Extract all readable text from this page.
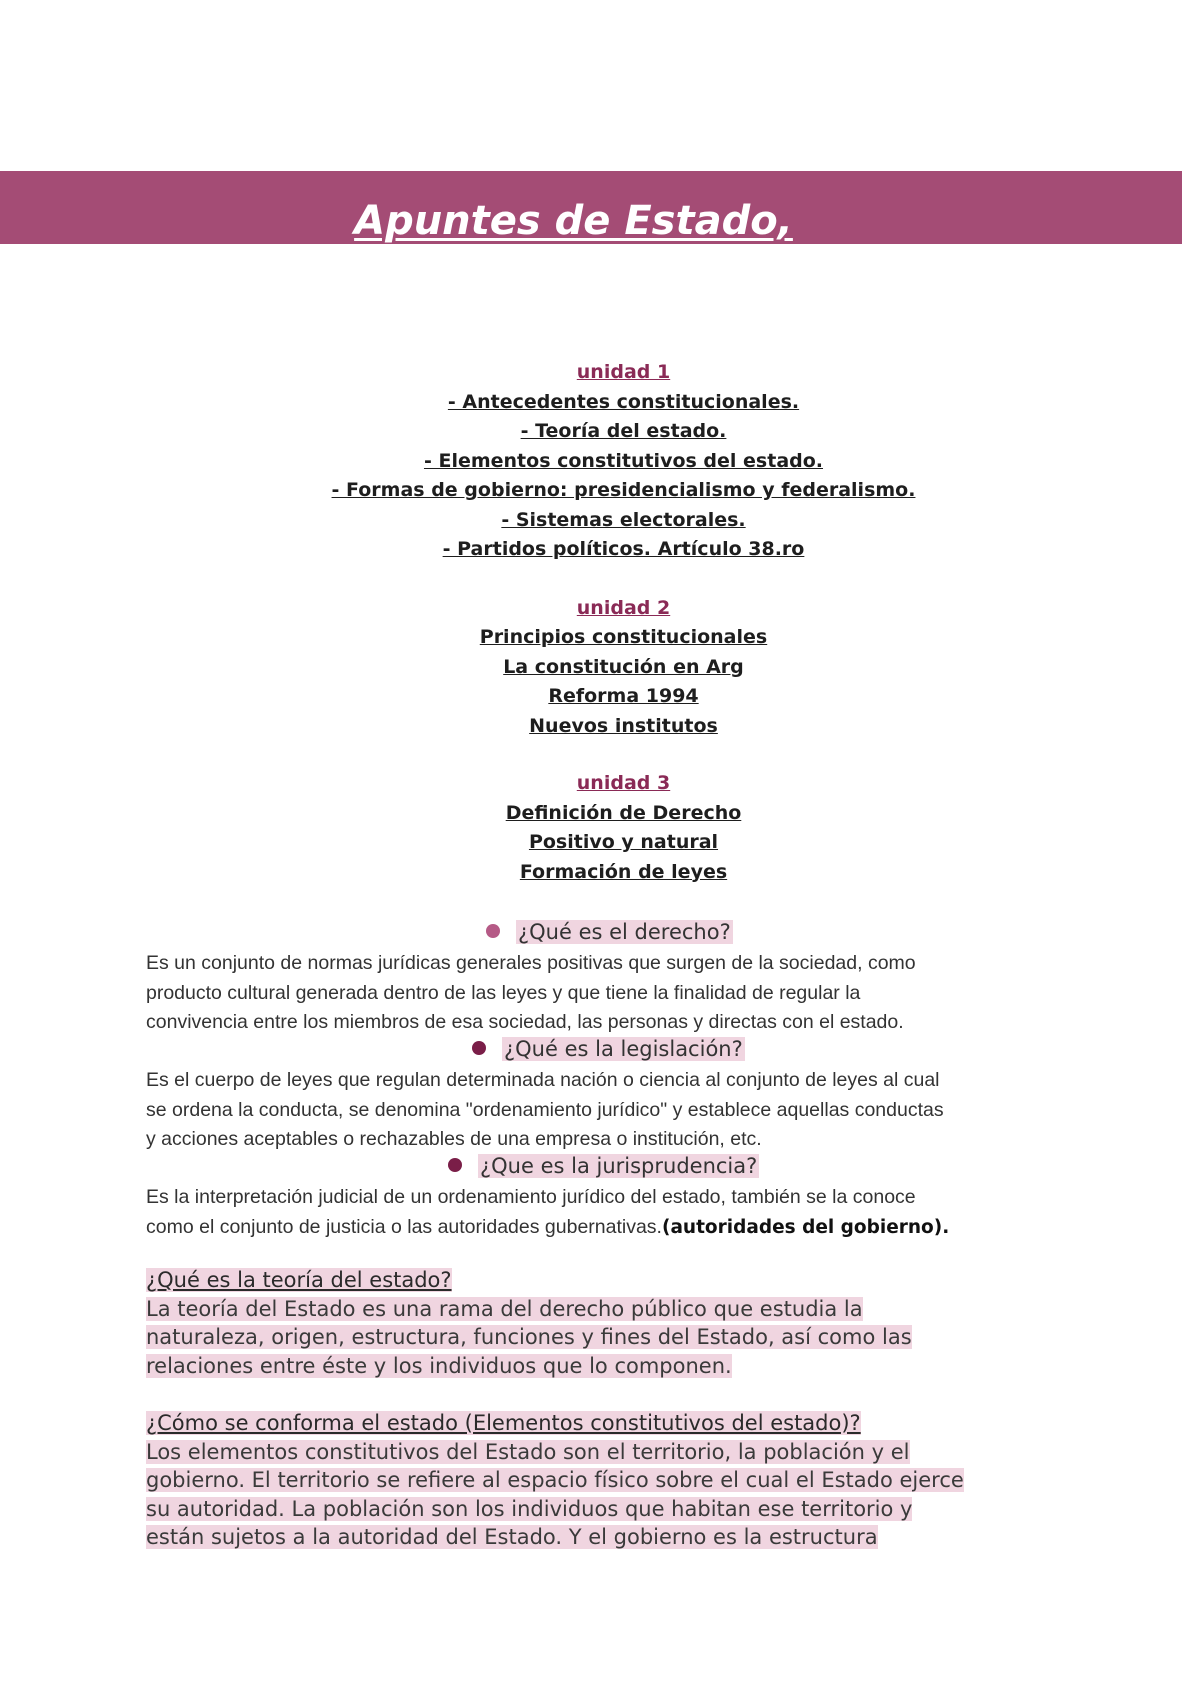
Apuntes de Estado,
unidad 1
- Antecedentes constitucionales.
- Teoría del estado.
- Elementos constitutivos del estado.
- Formas de gobierno: presidencialismo y federalismo.
- Sistemas electorales.
- Partidos políticos. Artículo 38.ro
unidad 2
Principios constitucionales
La constitución en Arg
Reforma 1994
Nuevos institutos
unidad 3
Definición de Derecho
Positivo y natural
Formación de leyes
¿Qué es el derecho?
Es un conjunto de normas jurídicas generales positivas que surgen de la sociedad, como
producto cultural generada dentro de las leyes y que tiene la finalidad de regular la
convivencia entre los miembros de esa sociedad, las personas y directas con el estado.
¿Qué es la legislación?
Es el cuerpo de leyes que regulan determinada nación o ciencia al conjunto de leyes al cual
se ordena la conducta, se denomina "ordenamiento jurídico" y establece aquellas conductas
y acciones aceptables o rechazables de una empresa o institución, etc.
¿Que es la jurisprudencia?
Es la interpretación judicial de un ordenamiento jurídico del estado, también se la conoce
como el conjunto de justicia o las autoridades gubernativas.(autoridades del gobierno).
¿Qué es la teoría del estado?
La teoría del Estado es una rama del derecho público que estudia la
naturaleza, origen, estructura, funciones y fines del Estado, así como las
relaciones entre éste y los individuos que lo componen.
¿Cómo se conforma el estado (Elementos constitutivos del estado)?
Los elementos constitutivos del Estado son el territorio, la población y el
gobierno. El territorio se refiere al espacio físico sobre el cual el Estado ejerce
su autoridad. La población son los individuos que habitan ese territorio y
están sujetos a la autoridad del Estado. Y el gobierno es la estructura
